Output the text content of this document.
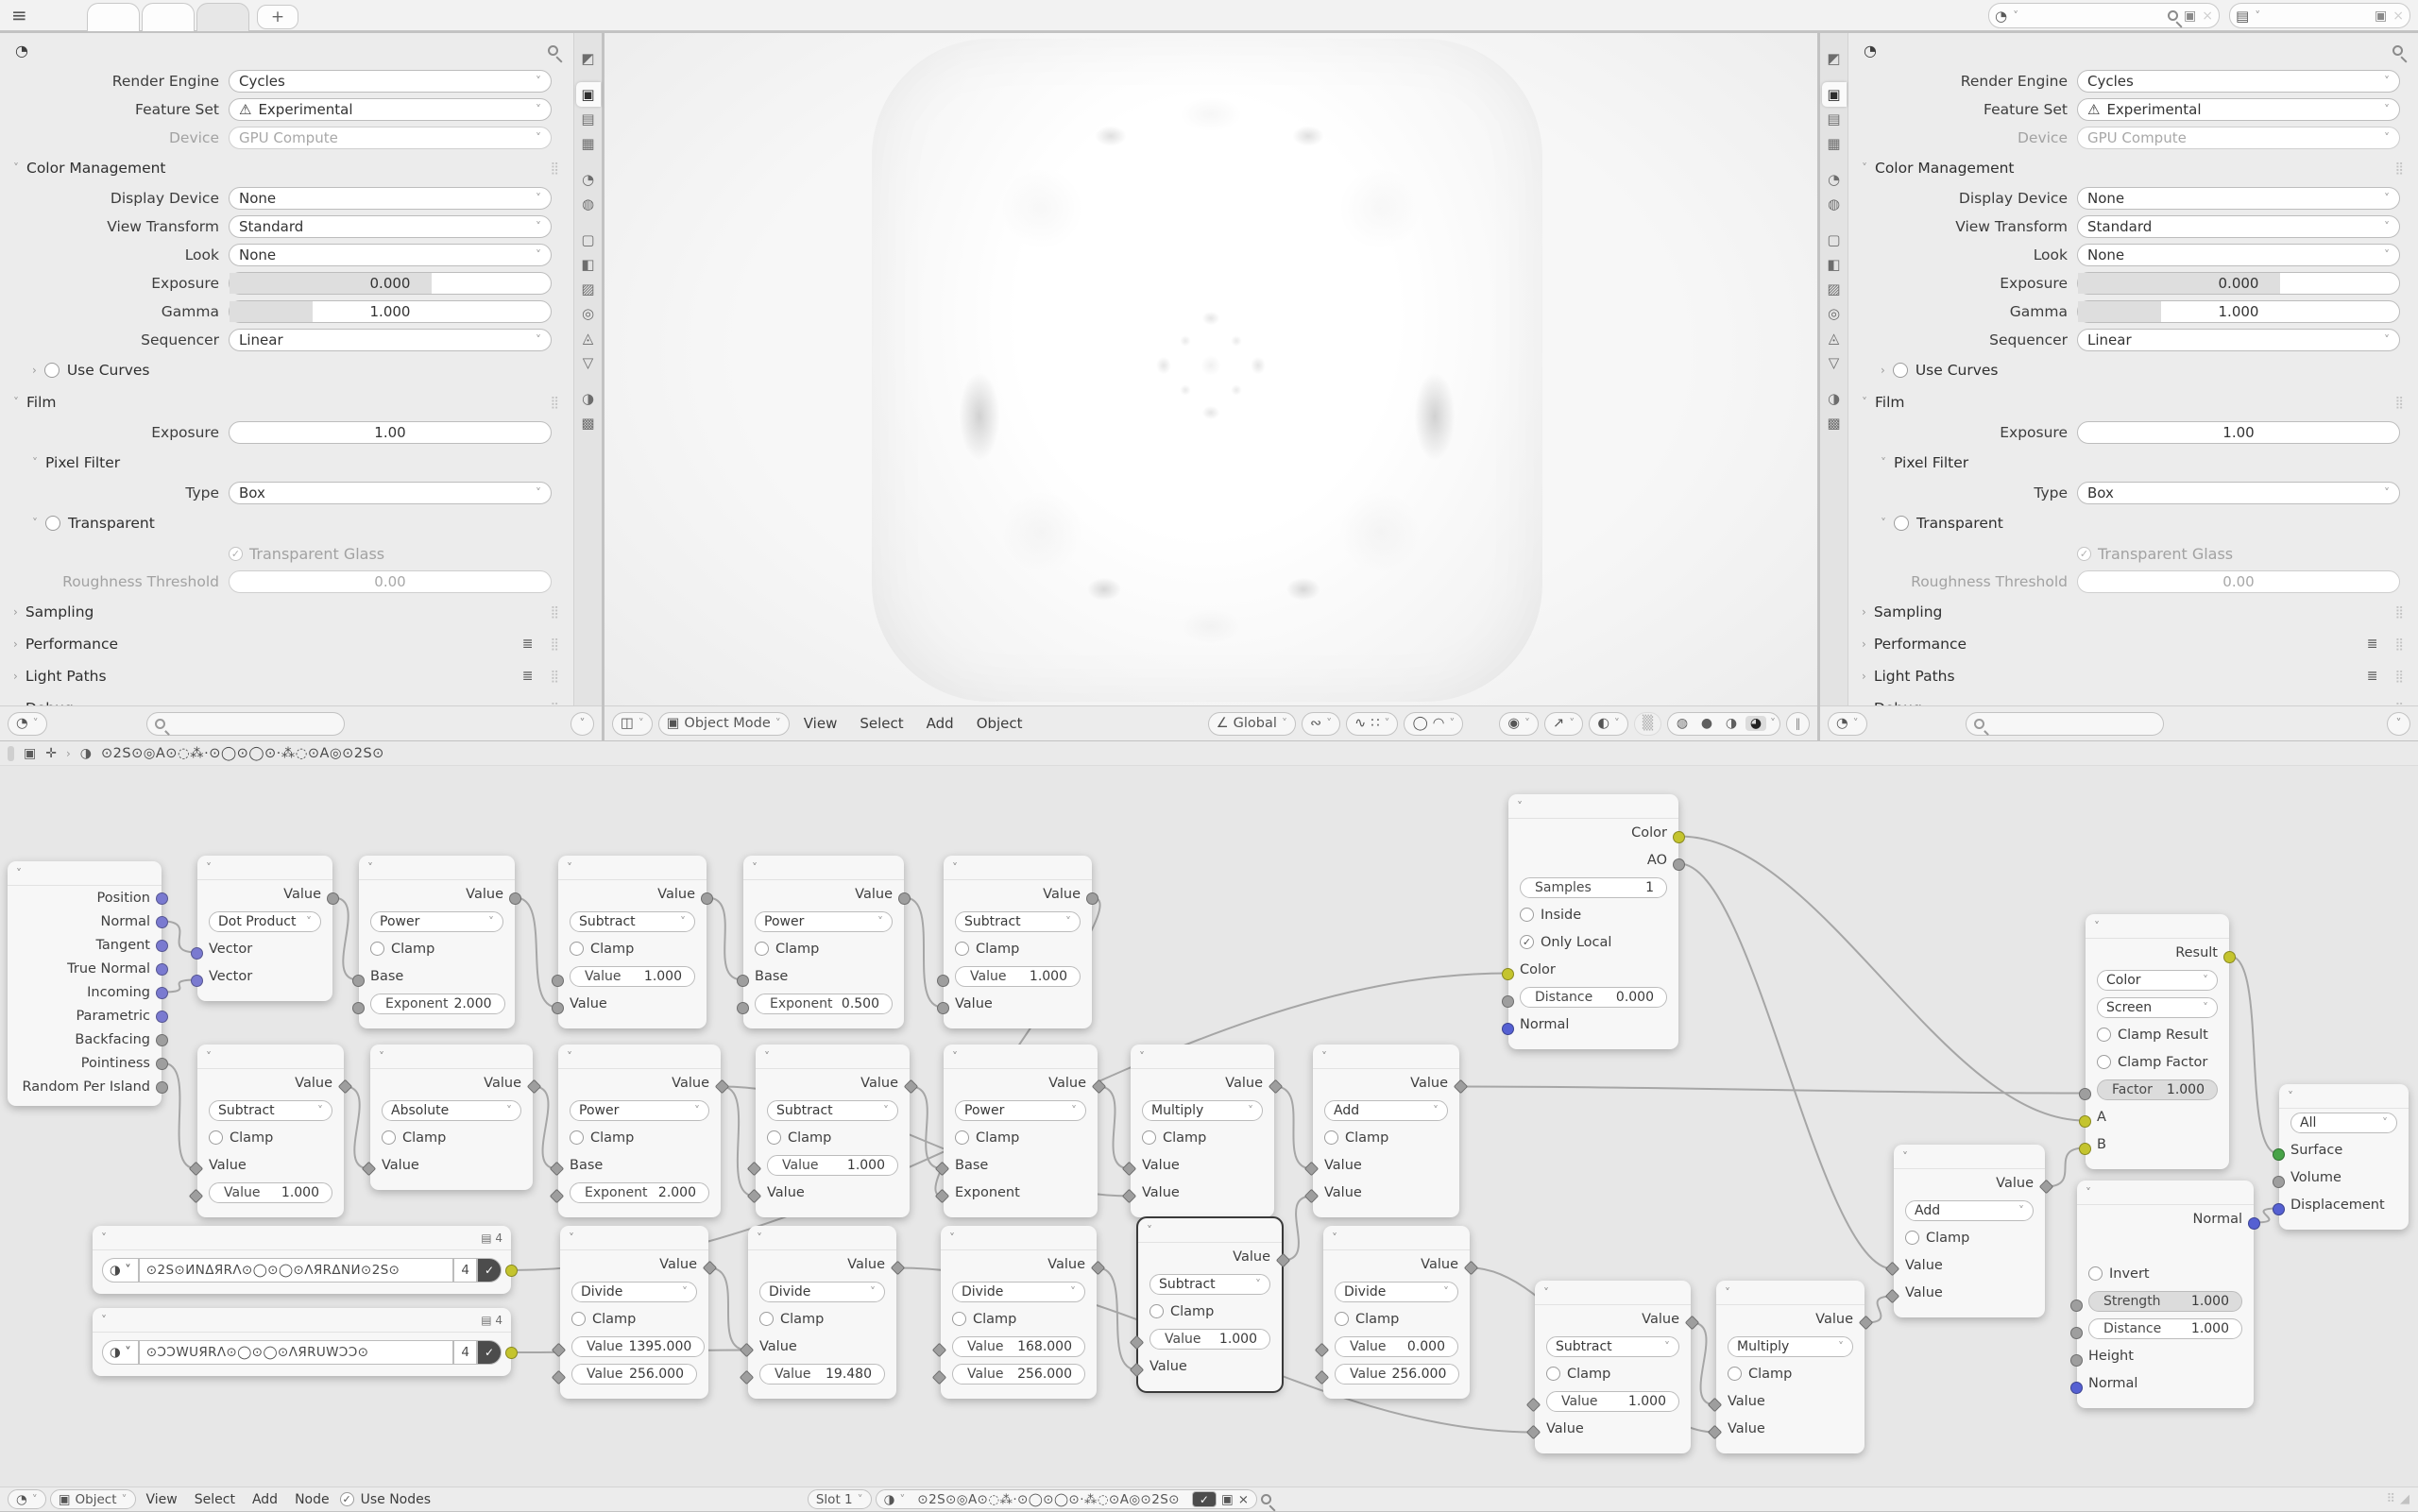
≡	+	◔ ˅	▣ × ▤ ˅	▣ ×
◔
Render Engine	Cycles	˅
Feature Set	⚠ Experimental	˅
Device	GPU Compute	˅
˅ Color Management	⣿
Display Device	None	˅
View Transform	Standard	˅
Look	None	˅
Exposure	0.000
Gamma	1.000
Sequencer	Linear	˅
› Use Curves
˅ Film	⣿
Exposure	1.00
˅ Pixel Filter
Type	Box	˅
˅ Transparent
✓
Transparent Glass
Roughness Threshold	0.00
› Sampling	⣿
› Performance	≣ ⣿
› Light Paths	≣ ⣿
◩
▣
▤
▦
◔
◍
▢
◧
▨
◎
◬
▽
◑
▩
◔ ˅	˅
◔
Render Engine	Cycles	˅
Feature Set	⚠ Experimental	˅
Device	GPU Compute	˅
˅ Color Management	⣿
Display Device	None	˅
View Transform	Standard	˅
Look	None	˅
Exposure	0.000
Gamma	1.000
Sequencer	Linear	˅
› Use Curves
˅ Film	⣿
Exposure	1.00
˅ Pixel Filter
Type	Box	˅
˅ Transparent
✓
Transparent Glass
Roughness Threshold	0.00
› Sampling	⣿
› Performance	≣ ⣿
› Light Paths	≣ ⣿
◩
▣
▤
▦
◔
◍
▢
◧
▨
◎
◬
▽
◑
▩
◔ ˅	˅
◫ ˅ ▣ Object Mode ˅	View	Select	Add	Object	∠ Global ˅ ∾ ˅ ∿ ∷ ˅ ◯ ◠ ˅	◉ ˅ ↗ ˅ ◐ ˅ ▒	◍ ● ◑ ◕ ˅	‖
▣ ✛ › ◑ ⊙2S⊙◎A⊙◌⁂·⊙◯⊙◯⊙·⁂◌⊙A◎⊙2S⊙
˅
Position
Normal
Tangent
True Normal
Incoming
Parametric
Backfacing
Pointiness
Random Per Island
˅
Value
Dot Product ˅
Vector
Vector
˅
Value
Power	˅
Clamp
Base
Exponent 2.000
˅
Value
Subtract	˅
Clamp
Value 1.000
Value
˅
Value
Power	˅
Clamp
Base
Exponent 0.500
˅
Value
Subtract	˅
Clamp
Value 1.000
Value
˅
Value
Subtract	˅
Clamp
Value
Value 1.000
˅
Value
Absolute	˅
Clamp
Value
˅
Value
Power	˅
Clamp
Base
Exponent 2.000
˅
Value
Subtract	˅
Clamp
Value 1.000
Value
˅
Value
Power	˅
Clamp
Base
Exponent
˅
Value
Multiply	˅
Clamp
Value
Value
˅
Value
Add	˅
Clamp
Value
Value
˅	▤ 4
◑ ˅	⊙2S⊙ИNΔЯRΛ⊙◯⊙◯⊙ΛЯRΔNИ⊙2S⊙	4	✓
˅	▤ 4
◑ ˅	⊙ƆƆWUЯRΛ⊙◯⊙◯⊙ΛЯRUWƆƆ⊙	4	✓
˅
Value
Divide	˅
Clamp
Value 1395.000
Value 256.000
˅
Value
Divide	˅
Clamp
Value
Value 19.480
˅
Value
Divide	˅
Clamp
Value 168.000
Value 256.000
˅
Value
Subtract	˅
Clamp
Value 1.000
Value
˅
Value
Divide	˅
Clamp
Value 0.000
Value 256.000
˅
Color
AO
Samples	1
Inside
✓
Only Local
Color
Distance 0.000
Normal
˅
Value
Subtract	˅
Clamp
Value 1.000
Value
˅
Value
Multiply	˅
Clamp
Value
Value
˅
Value
Add	˅
Clamp
Value
Value
˅
Result
Color	˅
Screen	˅
Clamp Result
Clamp Factor
Factor 1.000
A
B
˅
Normal
Invert
Strength 1.000
Distance 1.000
Height
Normal
˅
All	˅
Surface
Volume
Displacement
◔ ˅ ▣ Object ˅	View	Select	Add	Node ✓	Use Nodes	Slot 1 ˅ ◑ ˅ ⊙2S⊙◎A⊙◌⁂·⊙◯⊙◯⊙·⁂◌⊙A◎⊙2S⊙	✓ ▣ ×	⠿ ◢
